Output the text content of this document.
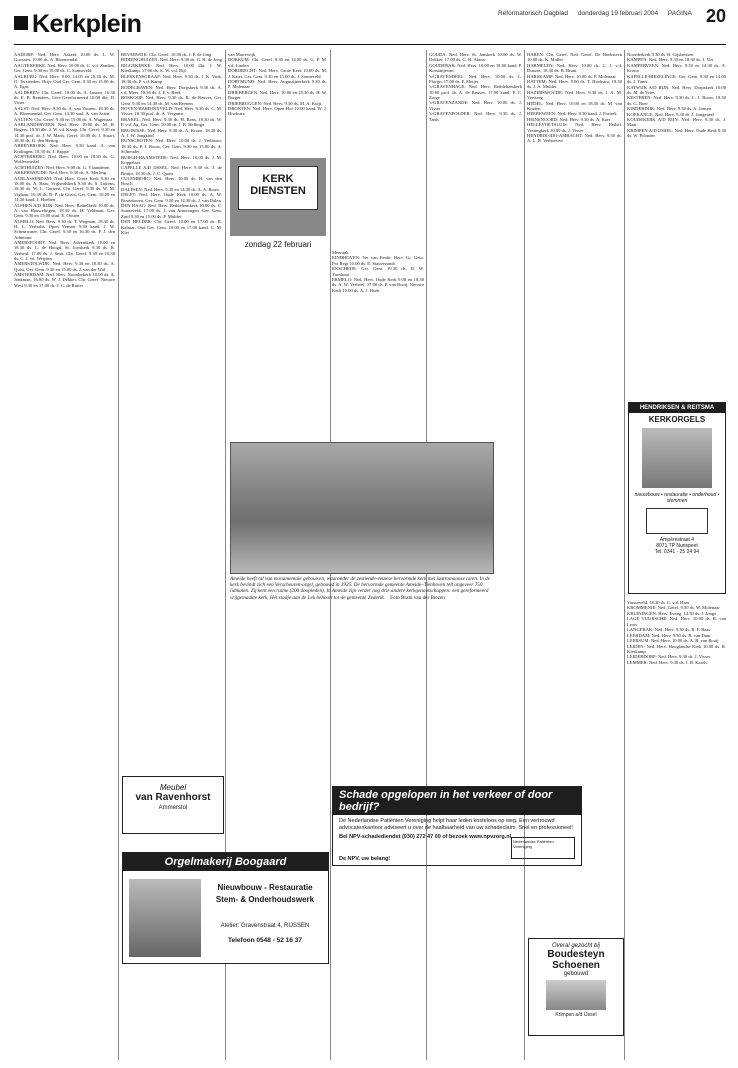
Kerkplein	Reformatorisch Dagblad donderdag 19 februari 2004 PAGINA 20

AADORP: Ned. Herv. Aakerk 10.00 ds. L. W. Goossen, 19.00 ds. A. Bloemendal

AAGTEKERKE: Ned. Herv. 10.00 ds. C. v.d. Zanden, Ger. Gem. 9.30 en 19.00 ds. C. Sonneveld

AALBURG: Ned. Herv. 9.00, 14.05 en 18.30 ds. M. O. Tersteeden. Hrijv Oud Ger. Gem. 9.30 en 15.00 ds. A. Egas

AALDEREN: Chr. Geref. 10.00 ds. A. Jansen, 16.30 ds. E. B. Reinders, Gere Gereformeerd 10.00 dhr. D. Vines

AALST: Ned. Herv. 9.30 ds. A. van Vuuren, 18.30 ds. A. Bloemendal, Ger. Gem. 14.30 stud. A. van Asten

AALTEN: Chr. Geref. 9.30 en 15.00 ds. A. Wagenaar

AARLANDERVEEN: Ned. Herv. 10.00 ds. M. H. Bogers, 18.30 dhr. J. W. vd. Kamp, Chr. Geref. 9.30 en 14.30 prof. dr. J. W. Maris, Geref. 10.00 ds. J. Stuart, 18.30 ds. G. den Hertog

ABBENBROEK: Ned. Herv. 9.30 kand. A. van Kralingen, 18.30 ds. J. Koppe

ACHTERBERG: Ned. Herv. 10.00 en 18.30 ds. G. Wolleswinkel

ACHTHUIZEN: Ned. Herv. 9.00 ds. G. Vlaanderen

AKKERWOUDE: Ned. Herv. 9.30 ds. A. Merling

ALBLASSERDAM: Ned. Herv. Grote Kerk 9.30 en 18.00 ds. A. Baas, Vrijheidskerk 9.30 ds. S. Lukens, 18.30 ds. W. L. Gortzen, Chr. Geref. 9.30 ds. W. M. Viglaan, 16.30 ds. B. P. de Groot, Ger. Gem. 10.00 en 14.30 kand. J. Hoeben

ALPHEN A/D RIJN: Ned. Herv. Bethelkerk 10.00 ds. A. van Houwelingen, 18.30 ds. H. Veldman, Ger. Gem. 9.30 en 15.00 stud. E. Oosten

ALMELO: Ned. Herv. 9.30 ds. T. Wegman, 18.30 ds. H. L. Verhulst, Open Venster 9.30 kand. J. W. Scheurwater, Chr. Geref. 9.30 en 16.30 ds. P. J. den Admirant

AMERSFOORT: Ned. Herv. Adventkerk 10.00 en 18.30 ds. L. de Hoogd, St. Joriskerk 9.30 ds. B. Verheul, 17.00 ds. J. Smit, Chr. Geref. 9.30 en 16.30 ds. C. J. vd. Weijden

AMERSTOLWIJK: Ned. Herv. 9.30 en 18.30 ds. A. Quist, Ger. Gem. 9.30 en 15.00 ds. J. van der Wal

AMSTERDAM: Ned. Herv. Noorderkerk 10.00 ds. A. Jonkman, 16.00 ds. W. J. Dekker, Chr. Geref. Nieuwe West 9.30 en 17.00 ds. J. C. de Ruiter

BEVERWIJK: Chr. Geref. 10.00 ds. J. P. de Jong

BIDDINGHUIZEN: Ned. Herv. 9.30 ds. G. H. de Jong

BIGGEKERKE: Ned. Herv. 10.00 dhr. J. W. Kieskamp, 17.00 ds. A. W. v.d. Bijl

BLESKENSGRAAF: Ned. Herv. 9.30 ds. J. K. Vink, 18.30 ds. P. v.d. Kamp

BODEGRAVEN: Ned. Herv. Dorpskerk 9.30 ds. A. v.d. Meer, 18.30 ds. J. F. v. Beek

BOSKOOP: Ned. Herv. 9.30 ds. R. de Reuver, Ger. Gem. 9.30 en 14.30 ds. M. van Reenen

BOVEN-HARDINXVELD: Ned. Herv. 9.30 ds. C. M. Visser, 18.30 prof. dr. A. Vergunst

BRAKEL: Ned. Herv. 9.30 ds. H. Rans, 18.30 ds. W. P. v.d. Ag, Ger. Gem. 10.00 ds. J. B. Hellinga

BRUINISSE: Ned. Herv. 9.30 ds. A. Kroon, 18.30 ds. A. J. W. Jongkind

BUNSCHOTEN: Ned. Herv. 10.00 ds. J. Verboom, 18.30 ds. P. J. Bouw, Ger. Gem. 9.30 en 15.00 ds. A. Schreuder

BURGH-HAAMSTEDE: Ned. Herv. 10.00 ds. J. M. Koppelaar

CAPELLE A/D IJSSEL: Ned. Herv. 9.30 ds. T. de Bruijn, 18.30 ds. J. C. Quast

CULEMBORG: Ned. Herv. 10.00 ds. H. van den Bosch

DALFSEN: Ned. Herv. 9.30 en 14.30 ds. A. A. Bouw

DELFT: Ned. Herv. Oude Kerk 10.00 ds. A. W. Rosenboom, Ger. Gem. 9.30 en 14.30 ds. J. van Dalen

DEN HAAG: Ned. Herv. Bethlehemkerk 10.00 ds. C. Sonneveld, 17.00 ds. J. van Amerongen, Ger. Gem. Zuid 9.30 en 15.00 ds. P. Mulder

DEN HELDER: Chr. Geref. 10.00 en 17.00 ds. R. Kalmar, Oud Ger. Gem. 10.00 en 17.00 kand. C. M. Klei

van Marrewijk

DOKKUM: Chr. Geref. 9.30 en 14.00 ds. G. P. M. v.d. Linden

DORDRECHT: Ned. Herv. Grote Kerk 10.00 ds. M. J. Kater, Ger. Gem. 9.30 en 15.00 ds. J. Sonneveld

DORTMUND: Ned. Herv. Augustijnerkerk 9.30 ds. P. Molenaar

DRIEBERGEN: Ned. Herv. 10.00 en 18.30 ds. H. W. Burger

DRIEBRUGGEN: Ned. Herv. 9.30 ds. M. A. Kuijt

DRONTEN: Ned. Herv. Open Hof 10.00 kand. W. J. Hoekstra

KERK DIENSTEN
zondag 22 februari

Mennink

EINDHOVEN: Ver van Eerde: Herv. Gr. Gelo. Pro Regi 10.00 ds. E. Stauvezandt

ENSCHEDE: Ger. Gem. 19.30 ds. D. W. Turnhout

ERMELO: Ned. Herv. Oude Kerk 9.00 en 18.30 ds. A. W. Verhoef, 17.00 ds. P. van Rooij, Nieuwe Kerk 10.00 ds. A. J. Hoek

Ameide heeft tal van monumentale gebouwen, waaronder de zestiende-eeuwse hervormde kerk met laatromaanse toren. In de kerk bevindt zich een Verscheuren-orgel, gebouwd in 1935. De hervormde gemeente Ameide–Tienhoven telt ongeveer 750 lidmaten. Zij kent een ruime (200 doopleden). In Ameide zijn verder nog drie andere kerkgenootschappen: een gereformeerd vrijgemaakte kerk, Hét stadje aan de Lek behoort tot de gemeente Zederik. Foto Bram van der Biezen

GOUDA: Ned. Herv. St. Janskerk 10.00 ds. W. Dekker, 17.00 ds. G. H. Abma

GOUDERAK: Ned. Herv. 10.00 en 18.00 kand. P. Korstanjevan

's-GRAVENDEEL: Ned. Herv. 10.00 ds. L. Florijn, 17.00 ds. F. Meijer

's-GRAVENHAGE: Ned. Herv. Bethlehemkerk 10.00 prof. dr. A. de Reuver, 17.00 kand. P. C. Zorge

's-GRAVENZANDE: Ned. Herv. 10.00 ds. J. Visser

's-GRAVENPOLDER: Ned. Herv. 9.30 ds. J. Tanis

HAREN: Chr. Geref. Ned. Geref. De Hoeksteen 10.00 ds. K. Muller

HARMELEN: Ned. Herv. 10.00 ds. C. J. v.d. Dussen, 18.30 ds. B. Brunt

HARSKAMP: Ned. Herv. 10.00 ds. P. Molenaar

HATTEM: Ned. Herv. 9.00 ds. T. Hoekstra, 18.30 ds. J. A. Mulder

HAZERSWOUDE: Ned. Herv. 9.30 ds. J. A. M. Versteeg

HEDEL: Ned. Herv. 10.00 en 18.30 ds. M. van Kooten

HEEREWEEN: Ned. Herv. 9.30 kand. J. Fortrek

HEINENOORD: Ned. Herv. 9.30 ds. A. Kars

HELLEVOETSLUIS: Ned. Herv. Bethel. Vestingkerk 10.00 ds. J. Visser

HENDRIK-IDO-AMBACHT: Ned. Herv. 9.30 ds. A. L. B. Verhoeven

Noorderkerk 9.30 ds. B. Gijsbertsen

KAMPEN: Ned. Herv. 9.30 en 18.30 ds. J. Vos

KAMPERVEEN: Ned. Herv. 9.30 en 14.30 ds. A. Kroon

KAPELLE-BIEZELINGE: Ger. Gem. 9.30 en 14.00 ds. J. Tanis

KATWIJK A/D RIJN: Ned. Herv. Dorpskerk 10.00 ds. M. de Vries

KESTEREN: Ned. Herv. 9.30 ds. L. J. Bouw, 18.30 ds. G. Boer

KINDERDIJK: Ned. Herv. 9.30 ds. A. Jansen

KOEKANGE: Ned. Herv. 9.30 ds. J. Jongeneel

KOUDEKERK A/D RIJN: Ned. Herv. 9.30 ds. J. Maat

KRIMPEN A/D IJSSEL: Ned. Herv. Oude Kerk 9.30 ds. W. Polinder

HENDRIKSEN & REITSMA
KERKORGELS
nieuwbouw • restauratie • onderhoud • stemmen
Ampèrestraat 4
8071 TP Nunspeet
Tel. 0341 - 25 24 94

Varsseveld, 18.30 ds. C. v.d. Haas

KROMMENIE: Ned. Geref. 9.30 ds. W. Molenaar

KRUININGEN: Herv. Evang. 14.30 ds. J. Jonge

LAGE VUURSCHE: Ned. Herv. 10.00 ds. R. van Loon

LANGERAK: Ned. Herv. 9.30 ds. R. F. Baas

LEERDAM: Ned. Herv. 9.30 ds. B. van Dam

LEERSUM: Ned. Herv. 10.00 ds. A. B. van Rooij

LEIDEN: Ned. Herv. Hooglandse Kerk 10.00 ds. R. Kieskamp

LEIDERDORP: Ned. Herv. 9.30 ds. J. Visser

LEMMER: Ned. Herv. 9.30 ds. J. B. Karels

Meubel
van Ravenhorst
Ammerstol
Orgelmakerij Boogaard
Nieuwbouw - Restauratie
Stem- & Onderhoudswerk
Atelier: Gravenstraat 4, RIJSSEN
Telefoon 0548 - 52 16 37
Schade opgelopen in het verkeer of door bedrijf?
De Nederlandse Patiënten Vereniging helpt haar leden kosteloos op weg. Een vertrouwd advocatenkantoor adviseert u over de haalbaarheid van uw schadeclaim. Snel en professioneel!
Bel NPV-schadediendst (030) 272 47 00 of bezoek www.npvzorg.nl
De NPV, uw belang!
Nederlandse Patiënten Vereniging
Overal gezocht bij
Boudesteyn
Schoenen
gebouwd
Krimpen a/d IJssel
